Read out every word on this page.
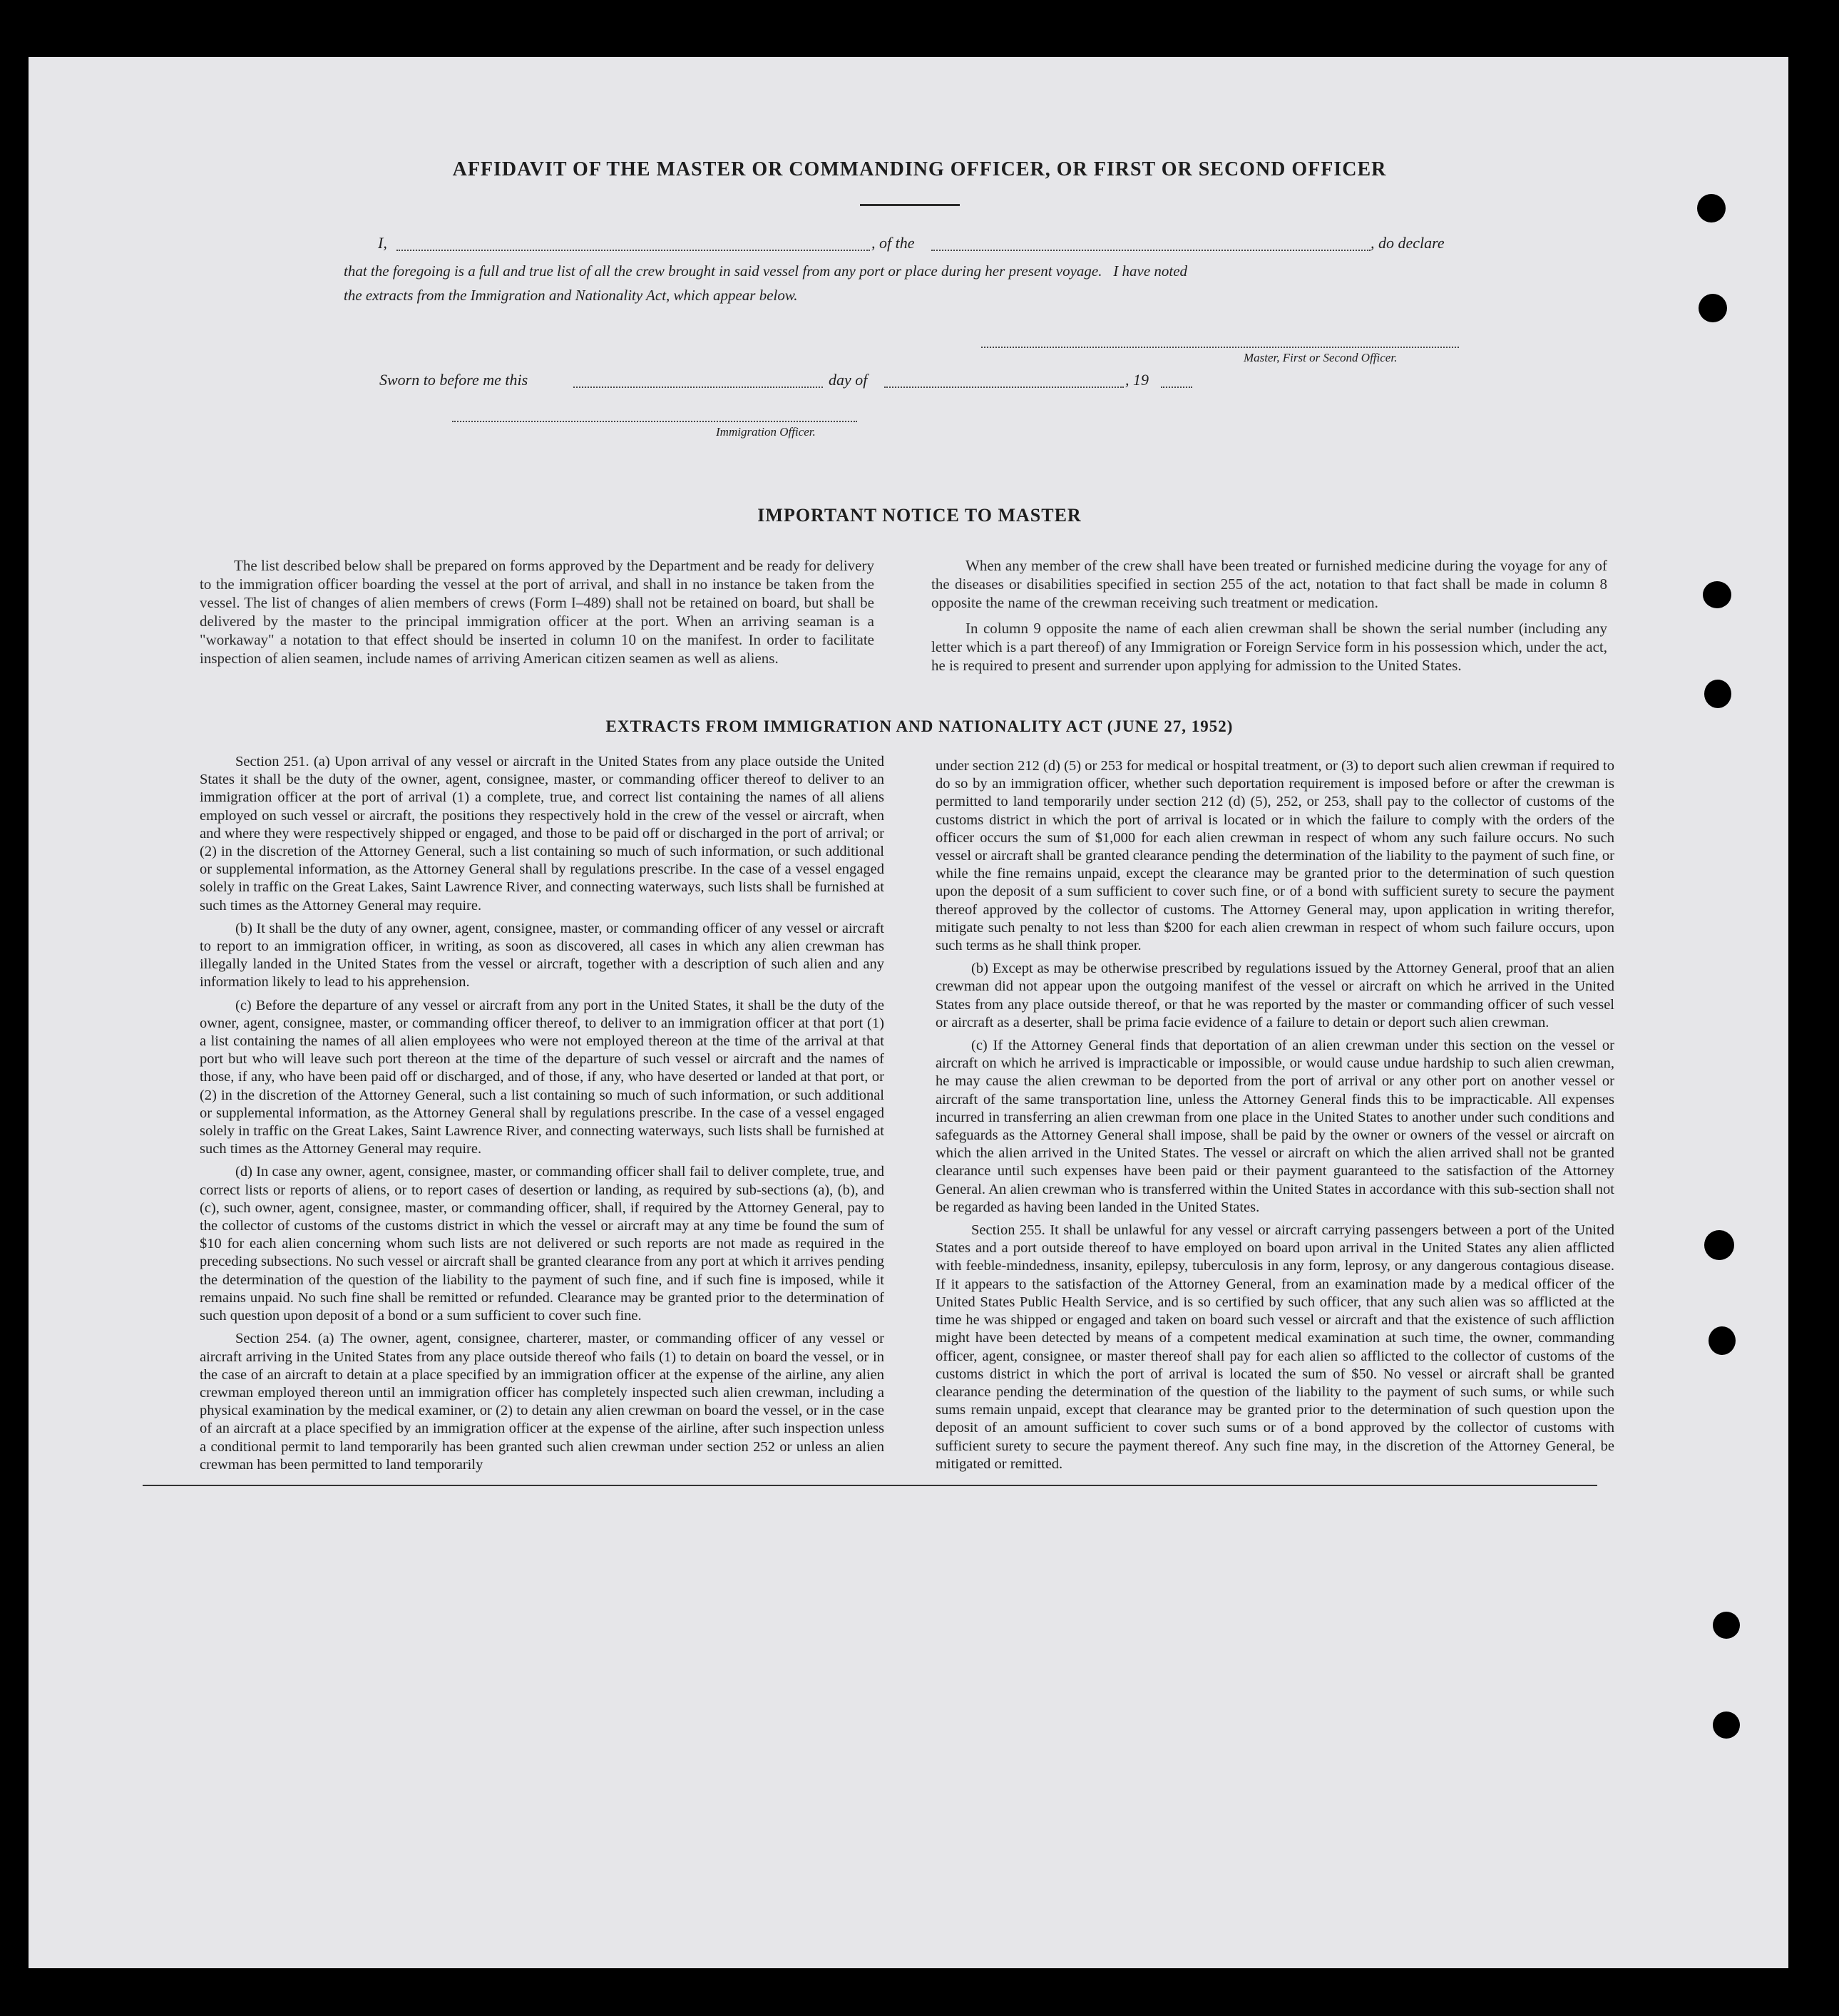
AFFIDAVIT OF THE MASTER OR COMMANDING OFFICER, OR FIRST OR SECOND OFFICER
I,	, of the	, do declare
that the foregoing is a full and true list of all the crew brought in said vessel from any port or place during her present voyage.   I have noted
the extracts from the Immigration and Nationality Act, which appear below.
Master, First or Second Officer.
Sworn to before me this	day of	, 19
Immigration Officer.
IMPORTANT NOTICE TO MASTER

The list described below shall be prepared on forms approved by the Department and be ready for delivery to the immigration officer boarding the vessel at the port of arrival, and shall in no instance be taken from the vessel. The list of changes of alien members of crews (Form I–489) shall not be retained on board, but shall be delivered by the master to the principal immigration officer at the port. When an arriving seaman is a "workaway" a notation to that effect should be inserted in column 10 on the manifest. In order to facilitate inspection of alien seamen, include names of arriving American citizen seamen as well as aliens.

When any member of the crew shall have been treated or furnished medicine during the voyage for any of the diseases or disabilities specified in section 255 of the act, notation to that fact shall be made in column 8 opposite the name of the crewman receiving such treatment or medication.

In column 9 opposite the name of each alien crewman shall be shown the serial number (including any letter which is a part thereof) of any Immigration or Foreign Service form in his possession which, under the act, he is required to present and surrender upon applying for admission to the United States.

EXTRACTS FROM IMMIGRATION AND NATIONALITY ACT (JUNE 27, 1952)

Section 251. (a) Upon arrival of any vessel or aircraft in the United States from any place outside the United States it shall be the duty of the owner, agent, consignee, master, or commanding officer thereof to deliver to an immigration officer at the port of arrival (1) a complete, true, and correct list containing the names of all aliens employed on such vessel or aircraft, the positions they respectively hold in the crew of the vessel or aircraft, when and where they were respectively shipped or engaged, and those to be paid off or discharged in the port of arrival; or (2) in the discretion of the Attorney General, such a list containing so much of such information, or such additional or supplemental information, as the Attorney General shall by regulations prescribe. In the case of a vessel engaged solely in traffic on the Great Lakes, Saint Lawrence River, and connecting waterways, such lists shall be furnished at such times as the Attorney General may require.

(b) It shall be the duty of any owner, agent, consignee, master, or commanding officer of any vessel or aircraft to report to an immigration officer, in writing, as soon as discovered, all cases in which any alien crewman has illegally landed in the United States from the vessel or aircraft, together with a description of such alien and any information likely to lead to his apprehension.

(c) Before the departure of any vessel or aircraft from any port in the United States, it shall be the duty of the owner, agent, consignee, master, or commanding officer thereof, to deliver to an immigration officer at that port (1) a list containing the names of all alien employees who were not employed thereon at the time of the arrival at that port but who will leave such port thereon at the time of the departure of such vessel or aircraft and the names of those, if any, who have been paid off or discharged, and of those, if any, who have deserted or landed at that port, or (2) in the discretion of the Attorney General, such a list containing so much of such information, or such additional or supplemental information, as the Attorney General shall by regulations prescribe. In the case of a vessel engaged solely in traffic on the Great Lakes, Saint Lawrence River, and connecting waterways, such lists shall be furnished at such times as the Attorney General may require.

(d) In case any owner, agent, consignee, master, or commanding officer shall fail to deliver complete, true, and correct lists or reports of aliens, or to report cases of desertion or landing, as required by sub-sections (a), (b), and (c), such owner, agent, consignee, master, or commanding officer, shall, if required by the Attorney General, pay to the collector of customs of the customs district in which the vessel or aircraft may at any time be found the sum of $10 for each alien concerning whom such lists are not delivered or such reports are not made as required in the preceding subsections. No such vessel or aircraft shall be granted clearance from any port at which it arrives pending the determination of the question of the liability to the payment of such fine, and if such fine is imposed, while it remains unpaid. No such fine shall be remitted or refunded. Clearance may be granted prior to the determination of such question upon deposit of a bond or a sum sufficient to cover such fine.

Section 254. (a) The owner, agent, consignee, charterer, master, or commanding officer of any vessel or aircraft arriving in the United States from any place outside thereof who fails (1) to detain on board the vessel, or in the case of an aircraft to detain at a place specified by an immigration officer at the expense of the airline, any alien crewman employed thereon until an immigration officer has completely inspected such alien crewman, including a physical examination by the medical examiner, or (2) to detain any alien crewman on board the vessel, or in the case of an aircraft at a place specified by an immigration officer at the expense of the airline, after such inspection unless a conditional permit to land temporarily has been granted such alien crewman under section 252 or unless an alien crewman has been permitted to land temporarily

under section 212 (d) (5) or 253 for medical or hospital treatment, or (3) to deport such alien crewman if required to do so by an immigration officer, whether such deportation requirement is imposed before or after the crewman is permitted to land temporarily under section 212 (d) (5), 252, or 253, shall pay to the collector of customs of the customs district in which the port of arrival is located or in which the failure to comply with the orders of the officer occurs the sum of $1,000 for each alien crewman in respect of whom any such failure occurs. No such vessel or aircraft shall be granted clearance pending the determination of the liability to the payment of such fine, or while the fine remains unpaid, except the clearance may be granted prior to the determination of such question upon the deposit of a sum sufficient to cover such fine, or of a bond with sufficient surety to secure the payment thereof approved by the collector of customs. The Attorney General may, upon application in writing therefor, mitigate such penalty to not less than $200 for each alien crewman in respect of whom such failure occurs, upon such terms as he shall think proper.

(b) Except as may be otherwise prescribed by regulations issued by the Attorney General, proof that an alien crewman did not appear upon the outgoing manifest of the vessel or aircraft on which he arrived in the United States from any place outside thereof, or that he was reported by the master or commanding officer of such vessel or aircraft as a deserter, shall be prima facie evidence of a failure to detain or deport such alien crewman.

(c) If the Attorney General finds that deportation of an alien crewman under this section on the vessel or aircraft on which he arrived is impracticable or impossible, or would cause undue hardship to such alien crewman, he may cause the alien crewman to be deported from the port of arrival or any other port on another vessel or aircraft of the same transportation line, unless the Attorney General finds this to be impracticable. All expenses incurred in transferring an alien crewman from one place in the United States to another under such conditions and safeguards as the Attorney General shall impose, shall be paid by the owner or owners of the vessel or aircraft on which the alien arrived in the United States. The vessel or aircraft on which the alien arrived shall not be granted clearance until such expenses have been paid or their payment guaranteed to the satisfaction of the Attorney General. An alien crewman who is transferred within the United States in accordance with this sub-section shall not be regarded as having been landed in the United States.

Section 255. It shall be unlawful for any vessel or aircraft carrying passengers between a port of the United States and a port outside thereof to have employed on board upon arrival in the United States any alien afflicted with feeble-mindedness, insanity, epilepsy, tuberculosis in any form, leprosy, or any dangerous contagious disease. If it appears to the satisfaction of the Attorney General, from an examination made by a medical officer of the United States Public Health Service, and is so certified by such officer, that any such alien was so afflicted at the time he was shipped or engaged and taken on board such vessel or aircraft and that the existence of such affliction might have been detected by means of a competent medical examination at such time, the owner, commanding officer, agent, consignee, or master thereof shall pay for each alien so afflicted to the collector of customs of the customs district in which the port of arrival is located the sum of $50. No vessel or aircraft shall be granted clearance pending the determination of the question of the liability to the payment of such sums, or while such sums remain unpaid, except that clearance may be granted prior to the determination of such question upon the deposit of an amount sufficient to cover such sums or of a bond approved by the collector of customs with sufficient surety to secure the payment thereof. Any such fine may, in the discretion of the Attorney General, be mitigated or remitted.
